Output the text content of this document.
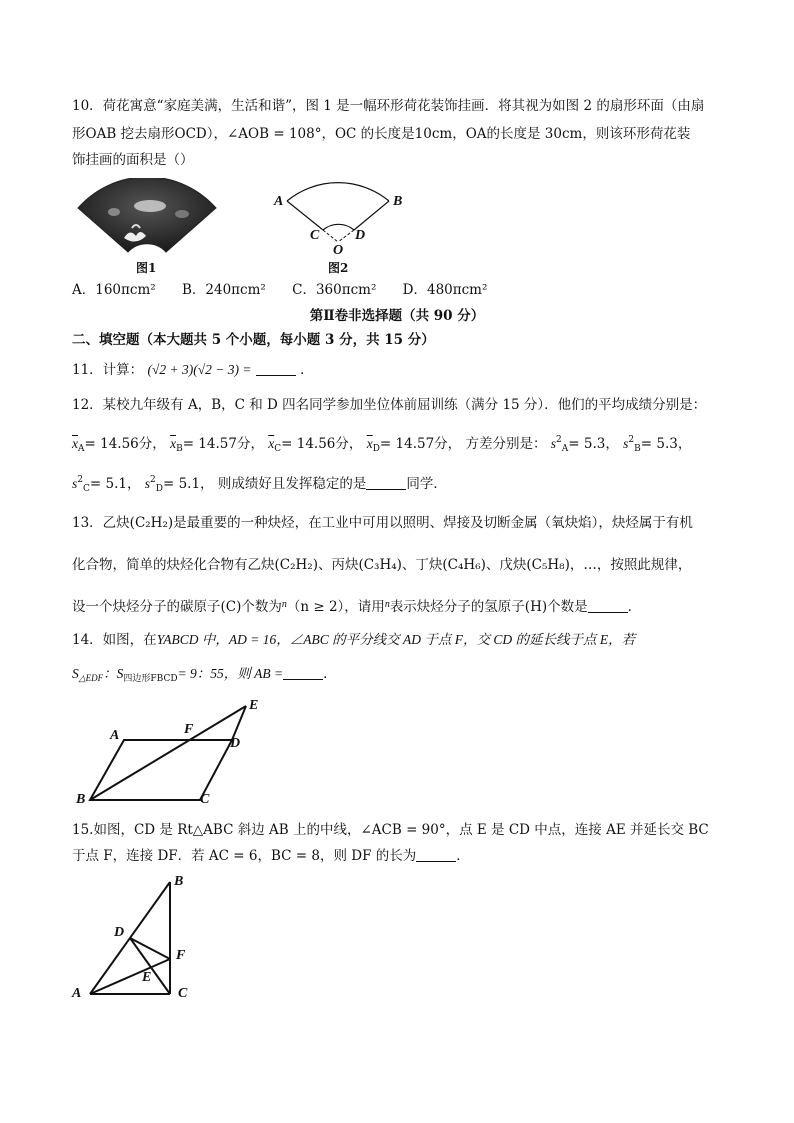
10．荷花寓意“家庭美满，生活和谐”，图 1 是一幅环形荷花装饰挂画．将其视为如图 2 的扇形环面（由扇
形OAB 挖去扇形OCD），∠AOB = 108°，OC 的长度是10cm，OA的长度是 30cm，则该环形荷花装
饰挂画的面积是（）
图1
A	B
C	D
O
图2
A．160πcm² B．240πcm² C．360πcm² D．480πcm²
第Ⅱ卷非选择题（共 90 分）
二、填空题（本大题共 5 个小题，每小题 3 分，共 15 分）
11．计算： (√2 + 3)(√2 − 3) =	．
12．某校九年级有 A，B，C 和 D 四名同学参加坐位体前屈训练（满分 15 分）．他们的平均成绩分别是：
$\overline{x}_A= 14.56$分， $\overline{x}_B= 14.57$分， $\overline{x}_C= 14.56$分， $\overline{x}_D= 14.57$分， 方差分别是： $s^2_A= 5.3$， $s^2_B= 5.3$，
$s^2_C= 5.1$， $s^2_D= 5.1$， 则成绩好且发挥稳定的是	同学．
13．乙炔(C₂H₂)是最重要的一种炔烃，在工业中可用以照明、焊接及切断金属（氧炔焰），炔烃属于有机
化合物，简单的炔烃化合物有乙炔(C₂H₂)、丙炔(C₃H₄)、丁炔(C₄H₆)、戊炔(C₅H₈)，…，按照此规律，
设一个炔烃分子的碳原子(C)个数为$^n$（n ≥ 2），请用$^n$表示炔烃分子的氢原子(H)个数是	．
14．如图，在YABCD 中，AD = 16，∠ABC 的平分线交 AD 于点 F，交 CD 的延长线于点 E，若
$S_{\triangle EDF}$：$S_{四边形FBCD}= 9$：55，则 AB =	．
A	F
D
E
B	C
15.如图，CD 是 Rt△ABC 斜边 AB 上的中线，∠ACB = 90°，点 E 是 CD 中点，连接 AE 并延长交 BC
于点 F，连接 DF．若 AC = 6，BC = 8，则 DF 的长为	．
B
D
F
E
A	C
